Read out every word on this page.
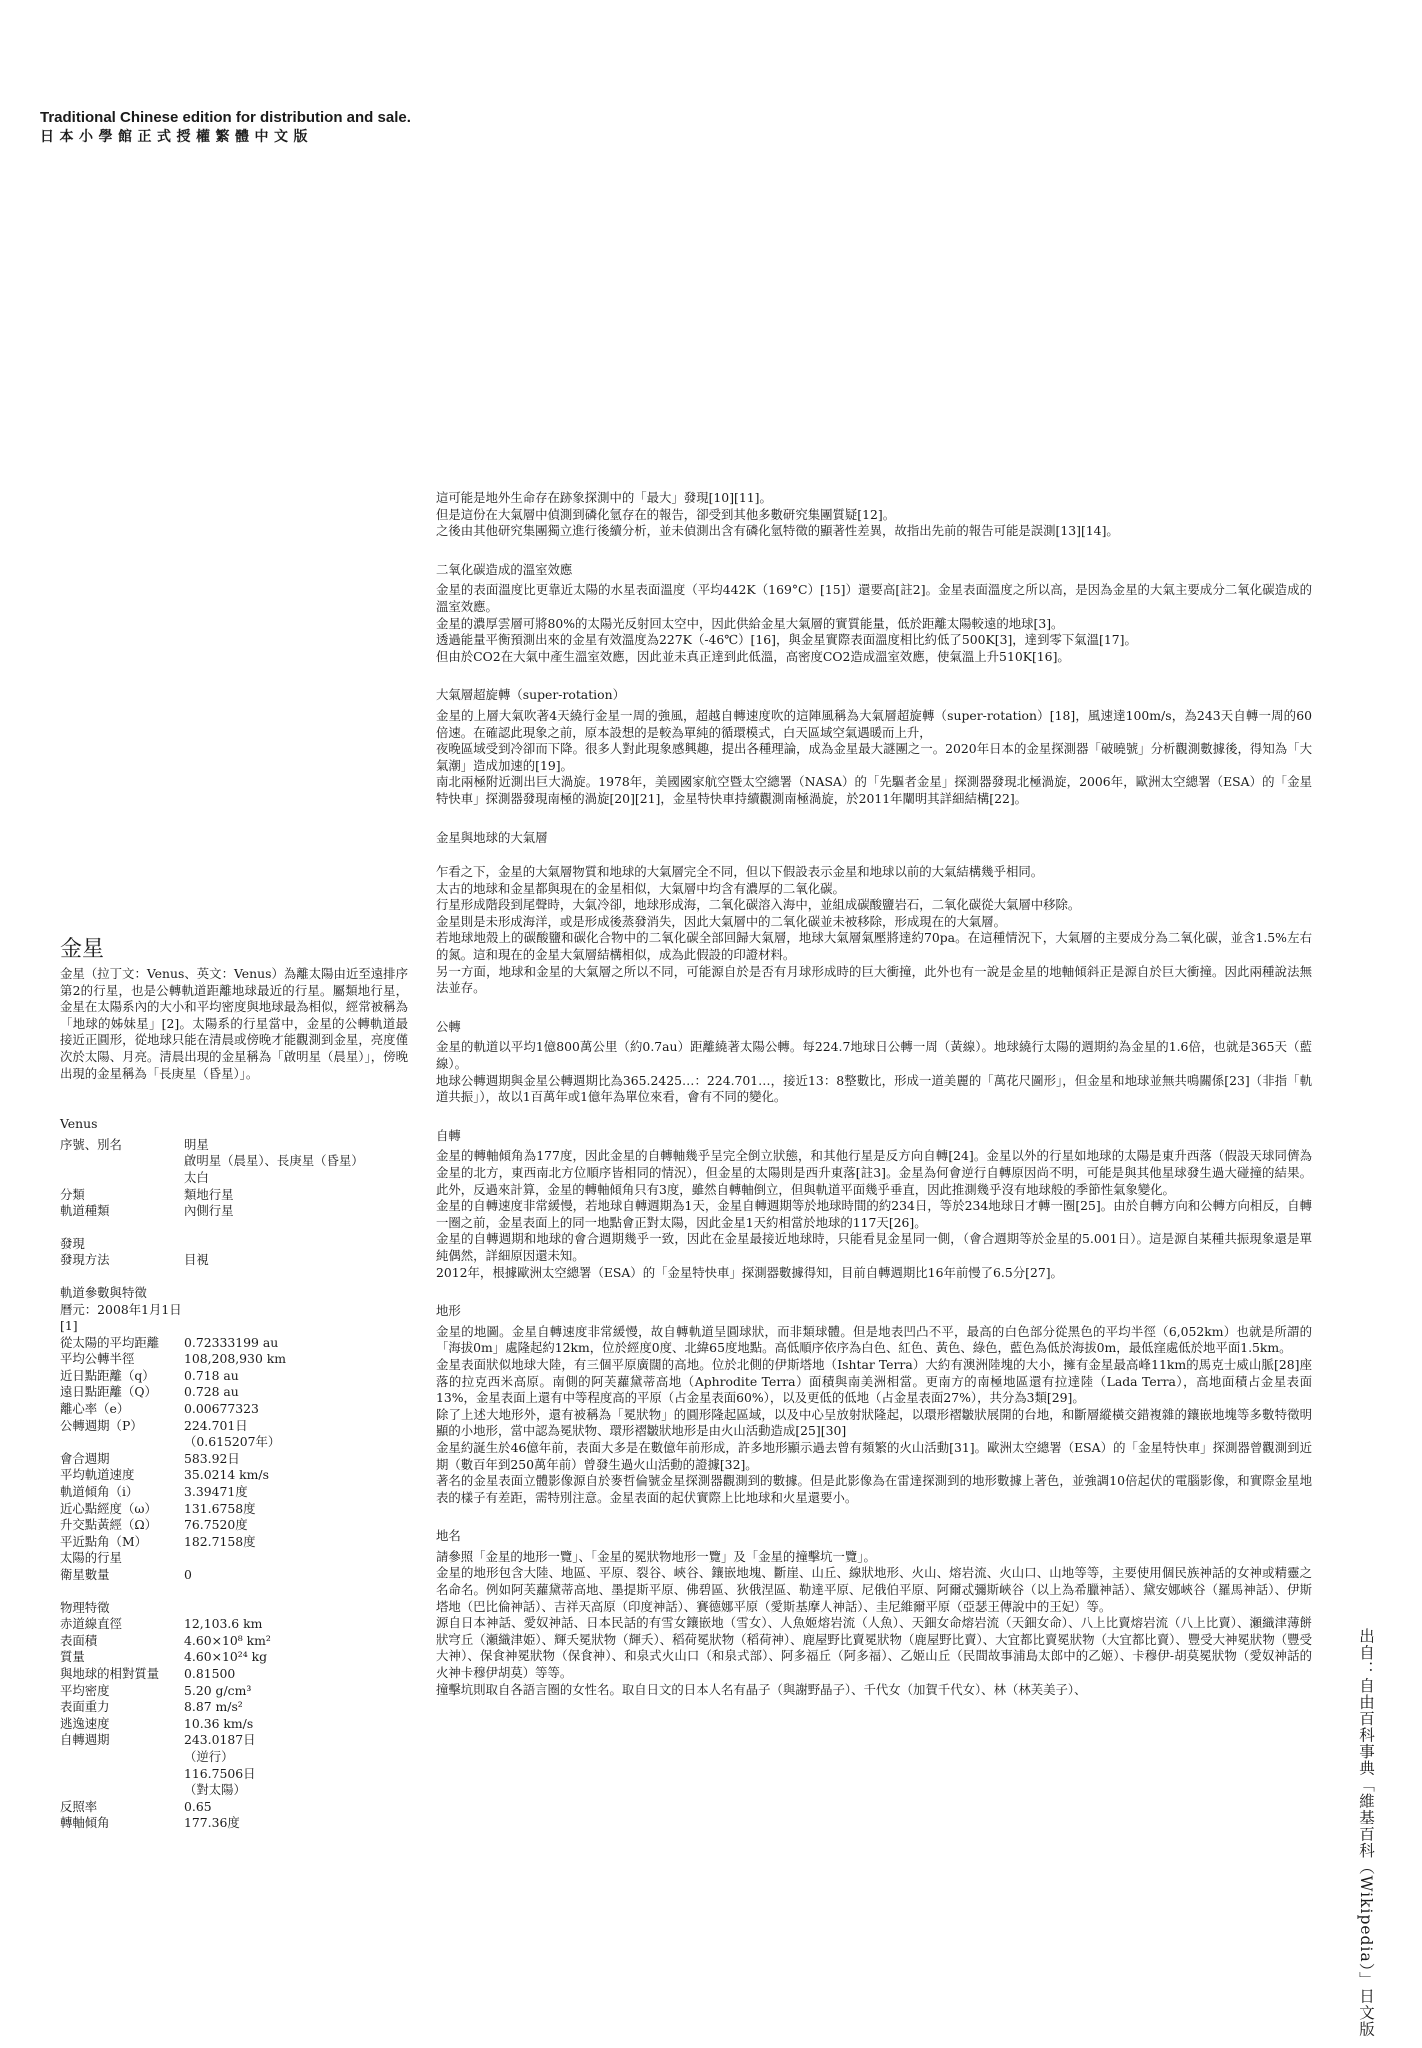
Traditional Chinese edition for distribution and sale.
日本小學館正式授權繁體中文版

這可能是地外生命存在跡象探測中的「最大」發現[10][11]。

但是這份在大氣層中偵測到磷化氫存在的報告，卻受到其他多數研究集團質疑[12]。

之後由其他研究集團獨立進行後續分析，並未偵測出含有磷化氫特徵的顯著性差異，故指出先前的報告可能是誤測[13][14]。

二氧化碳造成的溫室效應

金星的表面溫度比更靠近太陽的水星表面溫度（平均442K（169°C）[15]）還要高[註2]。金星表面溫度之所以高，是因為金星的大氣主要成分二氧化碳造成的溫室效應。

金星的濃厚雲層可將80%的太陽光反射回太空中，因此供給金星大氣層的實質能量，低於距離太陽較遠的地球[3]。

透過能量平衡預測出來的金星有效溫度為227K（-46℃）[16]，與金星實際表面溫度相比約低了500K[3]，達到零下氣溫[17]。

但由於CO2在大氣中產生溫室效應，因此並未真正達到此低溫，高密度CO2造成溫室效應，使氣溫上升510K[16]。

大氣層超旋轉（super-rotation）

金星的上層大氣吹著4天繞行金星一周的強風，超越自轉速度吹的這陣風稱為大氣層超旋轉（super-rotation）[18]，風速達100m/s，為243天自轉一周的60倍速。在確認此現象之前，原本設想的是較為單純的循環模式，白天區域空氣遇暖而上升，

夜晚區域受到冷卻而下降。很多人對此現象感興趣，提出各種理論，成為金星最大謎團之一。2020年日本的金星探測器「破曉號」分析觀測數據後，得知為「大氣潮」造成加速的[19]。

南北兩極附近測出巨大渦旋。1978年，美國國家航空暨太空總署（NASA）的「先驅者金星」探測器發現北極渦旋，2006年，歐洲太空總署（ESA）的「金星特快車」探測器發現南極的渦旋[20][21]，金星特快車持續觀測南極渦旋，於2011年闡明其詳細結構[22]。

金星與地球的大氣層

乍看之下，金星的大氣層物質和地球的大氣層完全不同，但以下假設表示金星和地球以前的大氣結構幾乎相同。

太古的地球和金星都與現在的金星相似，大氣層中均含有濃厚的二氧化碳。

行星形成階段到尾聲時，大氣冷卻，地球形成海，二氧化碳溶入海中，並組成碳酸鹽岩石，二氧化碳從大氣層中移除。

金星則是未形成海洋，或是形成後蒸發消失，因此大氣層中的二氧化碳並未被移除，形成現在的大氣層。

若地球地殼上的碳酸鹽和碳化合物中的二氧化碳全部回歸大氣層，地球大氣層氣壓將達約70pa。在這種情況下，大氣層的主要成分為二氧化碳，並含1.5%左右的氮。這和現在的金星大氣層結構相似，成為此假設的印證材料。

另一方面，地球和金星的大氣層之所以不同，可能源自於是否有月球形成時的巨大衝撞，此外也有一說是金星的地軸傾斜正是源自於巨大衝撞。因此兩種說法無法並存。

公轉

金星的軌道以平均1億800萬公里（約0.7au）距離繞著太陽公轉。每224.7地球日公轉一周（黃線）。地球繞行太陽的週期約為金星的1.6倍，也就是365天（藍線）。

地球公轉週期與金星公轉週期比為365.2425…：224.701…，接近13：8整數比，形成一道美麗的「萬花尺圖形」，但金星和地球並無共鳴關係[23]（非指「軌道共振」），故以1百萬年或1億年為單位來看，會有不同的變化。

自轉

金星的轉軸傾角為177度，因此金星的自轉軸幾乎呈完全倒立狀態，和其他行星是反方向自轉[24]。金星以外的行星如地球的太陽是東升西落（假設天球同儕為金星的北方，東西南北方位順序皆相同的情況），但金星的太陽則是西升東落[註3]。金星為何會逆行自轉原因尚不明，可能是與其他星球發生過大碰撞的結果。此外，反過來計算，金星的轉軸傾角只有3度，雖然自轉軸倒立，但與軌道平面幾乎垂直，因此推測幾乎沒有地球般的季節性氣象變化。

金星的自轉速度非常緩慢，若地球自轉週期為1天，金星自轉週期等於地球時間的約234日，等於234地球日才轉一圈[25]。由於自轉方向和公轉方向相反，自轉一圈之前，金星表面上的同一地點會正對太陽，因此金星1天約相當於地球的117天[26]。

金星的自轉週期和地球的會合週期幾乎一致，因此在金星最接近地球時，只能看見金星同一側，（會合週期等於金星的5.001日）。這是源自某種共振現象還是單純偶然，詳細原因還未知。

2012年，根據歐洲太空總署（ESA）的「金星特快車」探測器數據得知，目前自轉週期比16年前慢了6.5分[27]。

地形

金星的地圖。金星自轉速度非常緩慢，故自轉軌道呈圓球狀，而非類球體。但是地表凹凸不平，最高的白色部分從黑色的平均半徑（6,052km）也就是所謂的「海拔0m」處隆起約12km，位於經度0度、北緯65度地點。高低順序依序為白色、紅色、黃色、綠色，藍色為低於海拔0m，最低窪處低於地平面1.5km。

金星表面狀似地球大陸，有三個平原廣闊的高地。位於北側的伊斯塔地（Ishtar Terra）大約有澳洲陸塊的大小，擁有金星最高峰11km的馬克士威山脈[28]座落的拉克西米高原。南側的阿芙蘿黛蒂高地（Aphrodite Terra）面積與南美洲相當。更南方的南極地區還有拉達陸（Lada Terra），高地面積占金星表面13%，金星表面上還有中等程度高的平原（占金星表面60%），以及更低的低地（占金星表面27%），共分為3類[29]。

除了上述大地形外，還有被稱為「冕狀物」的圓形隆起區域，以及中心呈放射狀隆起，以環形褶皺狀展開的台地，和斷層縱橫交錯複雜的鑲嵌地塊等多數特徵明顯的小地形，當中認為冕狀物、環形褶皺狀地形是由火山活動造成[25][30]

金星約誕生於46億年前，表面大多是在數億年前形成，許多地形顯示過去曾有頻繁的火山活動[31]。歐洲太空總署（ESA）的「金星特快車」探測器曾觀測到近期（數百年到250萬年前）曾發生過火山活動的證據[32]。

著名的金星表面立體影像源自於麥哲倫號金星探測器觀測到的數據。但是此影像為在雷達探測到的地形數據上著色，並強調10倍起伏的電腦影像，和實際金星地表的樣子有差距，需特別注意。金星表面的起伏實際上比地球和火星還要小。

地名

請參照「金星的地形一覽」、「金星的冕狀物地形一覽」及「金星的撞擊坑一覽」。

金星的地形包含大陸、地區、平原、裂谷、峽谷、鑲嵌地塊、斷崖、山丘、線狀地形、火山、熔岩流、火山口、山地等等，主要使用個民族神話的女神或精靈之名命名。例如阿芙蘿黛蒂高地、墨提斯平原、佛碧區、狄俄涅區、勒達平原、尼俄伯平原、阿爾忒彌斯峽谷（以上為希臘神話）、黛安娜峽谷（羅馬神話）、伊斯塔地（巴比倫神話）、吉祥天高原（印度神話）、賽德娜平原（愛斯基摩人神話）、圭尼維爾平原（亞瑟王傳說中的王妃）等。

源自日本神話、愛奴神話、日本民話的有雪女鑲嵌地（雪女）、人魚姬熔岩流（人魚）、天鈿女命熔岩流（天鈿女命）、八上比賣熔岩流（八上比賣）、瀬織津薄餅狀穹丘（瀬織津姫）、輝夭冕狀物（輝夭）、稻荷冕狀物（稻荷神）、鹿屋野比賣冕狀物（鹿屋野比賣）、大宜都比賣冕狀物（大宜都比賣）、豐受大神冕狀物（豐受大神）、保食神冕狀物（保食神）、和泉式火山口（和泉式部）、阿多福丘（阿多福）、乙姬山丘（民間故事浦島太郎中的乙姬）、卡穆伊-胡莫冕狀物（愛奴神話的火神卡穆伊胡莫）等等。

撞擊坑則取自各語言圈的女性名。取自日文的日本人名有晶子（與謝野晶子）、千代女（加賀千代女）、林（林芙美子）、

金星

金星（拉丁文：Venus、英文：Venus）為離太陽由近至遠排序第2的行星，也是公轉軌道距離地球最近的行星。屬類地行星，金星在太陽系內的大小和平均密度與地球最為相似，經常被稱為「地球的姊妹星」[2]。太陽系的行星當中，金星的公轉軌道最接近正圓形，從地球只能在清晨或傍晚才能觀測到金星，亮度僅次於太陽、月亮。清晨出現的金星稱為「啟明星（晨星）」，傍晚出現的金星稱為「長庚星（昏星）」。

Venus
序號、別名	明星
啟明星（晨星）、長庚星（昏星）
太白
分類	類地行星
軌道種類	內側行星
發現
發現方法	目視
軌道參數與特徵
曆元：2008年1月1日 [1]
從太陽的平均距離	0.72333199 au
平均公轉半徑	108,208,930 km
近日點距離（q）	0.718 au
遠日點距離（Q）	0.728 au
離心率（e）	0.00677323
公轉週期（P）	224.701日
（0.615207年）
會合週期	583.92日
平均軌道速度	35.0214 km/s
軌道傾角（i）	3.39471度
近心點經度（ω）	131.6758度
升交點黃經（Ω）	76.7520度
平近點角（M）	182.7158度
太陽的行星
衛星數量	0
物理特徵
赤道線直徑	12,103.6 km
表面積	4.60×10⁸ km²
質量	4.60×10²⁴ kg
與地球的相對質量	0.81500
平均密度	5.20 g/cm³
表面重力	8.87 m/s²
逃逸速度	10.36 km/s
自轉週期	243.0187日
（逆行）
116.7506日
（對太陽）
反照率	0.65
轉軸傾角	177.36度	出自：自由百科事典「維基百科（Wikipedia）」日文版
